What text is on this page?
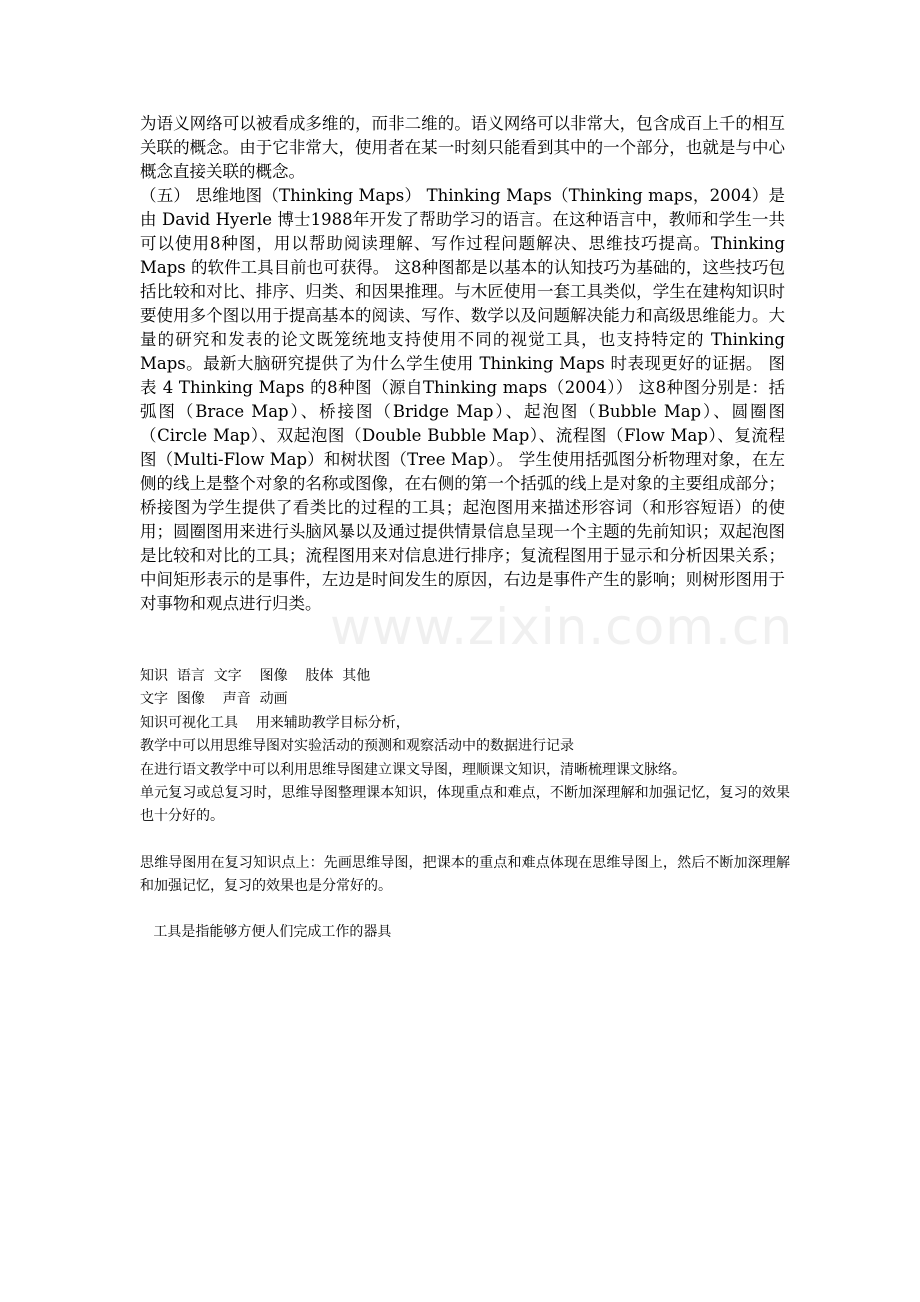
www.zixin.com.cn

为语义网络可以被看成多维的，而非二维的。语义网络可以非常大，包含成百上千的相互关联的概念。由于它非常大，使用者在某一时刻只能看到其中的一个部分，也就是与中心概念直接关联的概念。
（五） 思维地图（Thinking Maps） Thinking Maps（Thinking maps，2004）是由 David Hyerle 博士1988年开发了帮助学习的语言。在这种语言中，教师和学生一共可以使用8种图，用以帮助阅读理解、写作过程问题解决、思维技巧提高。Thinking Maps 的软件工具目前也可获得。 这8种图都是以基本的认知技巧为基础的，这些技巧包括比较和对比、排序、归类、和因果推理。与木匠使用一套工具类似，学生在建构知识时要使用多个图以用于提高基本的阅读、写作、数学以及问题解决能力和高级思维能力。大量的研究和发表的论文既笼统地支持使用不同的视觉工具，也支持特定的 Thinking Maps。最新大脑研究提供了为什么学生使用 Thinking Maps 时表现更好的证据。 图表 4 Thinking Maps 的8种图（源自Thinking maps（2004）） 这8种图分别是：括弧图（Brace Map）、桥接图（Bridge Map）、起泡图（Bubble Map）、圆圈图（Circle Map）、双起泡图（Double Bubble Map）、流程图（Flow Map）、复流程图（Multi-Flow Map）和树状图（Tree Map）。 学生使用括弧图分析物理对象，在左侧的线上是整个对象的名称或图像，在右侧的第一个括弧的线上是对象的主要组成部分；桥接图为学生提供了看类比的过程的工具；起泡图用来描述形容词（和形容短语）的使用；圆圈图用来进行头脑风暴以及通过提供情景信息呈现一个主题的先前知识；双起泡图是比较和对比的工具；流程图用来对信息进行排序；复流程图用于显示和分析因果关系；中间矩形表示的是事件，左边是时间发生的原因，右边是事件产生的影响；则树形图用于对事物和观点进行归类。

知识  语言  文字    图像    肢体  其他

文字  图像    声音  动画

知识可视化工具    用来辅助教学目标分析，

教学中可以用思维导图对实验活动的预测和观察活动中的数据进行记录

在进行语文教学中可以利用思维导图建立课文导图，理顺课文知识，清晰梳理课文脉络。

单元复习或总复习时，思维导图整理课本知识，体现重点和难点，不断加深理解和加强记忆，复习的效果也十分好的。

思维导图用在复习知识点上：先画思维导图，把课本的重点和难点体现在思维导图上，然后不断加深理解和加强记忆，复习的效果也是分常好的。

工具是指能够方便人们完成工作的器具
